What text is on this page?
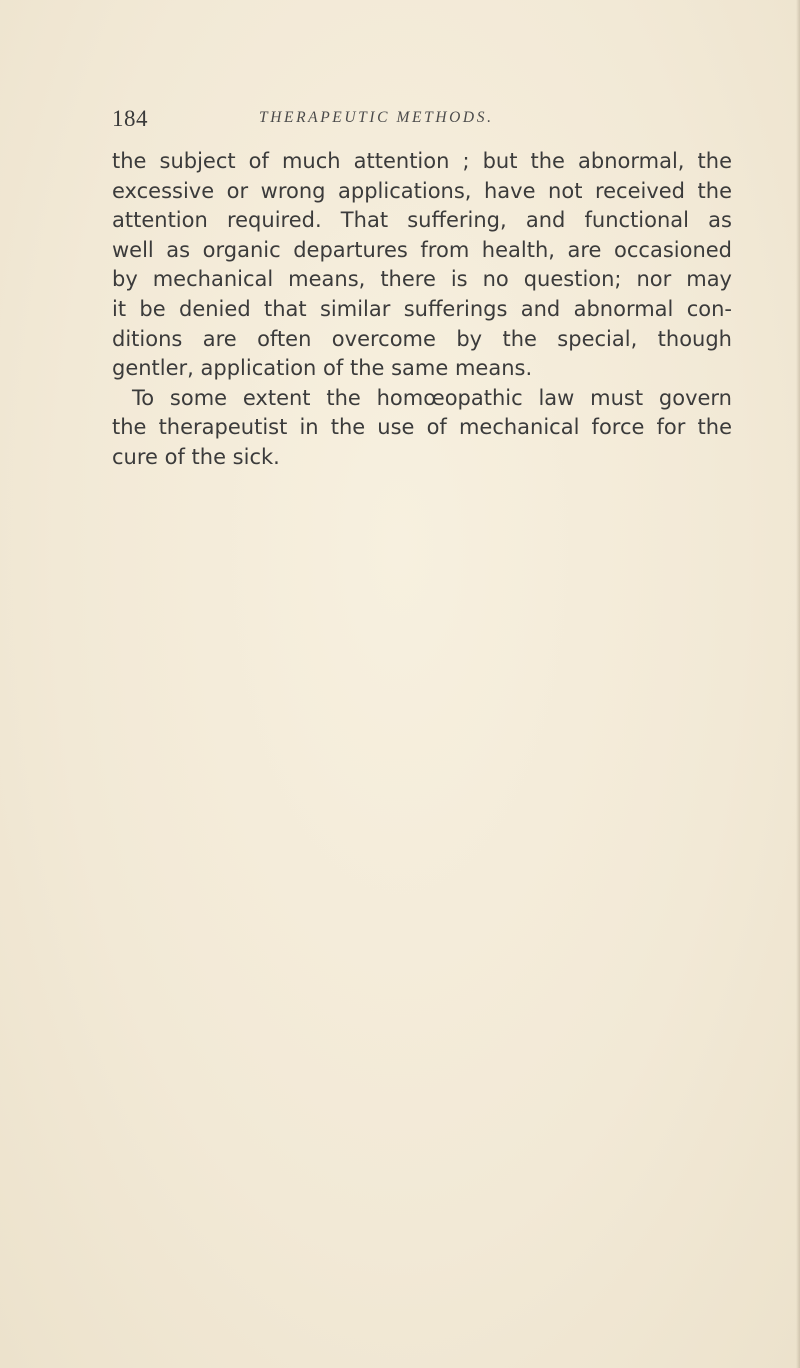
184	THERAPEUTIC METHODS.
the subject of much attention ; but the abnormal, the
excessive or wrong applications, have not received the
attention required. That suffering, and functional as
well as organic departures from health, are occasioned
by mechanical means, there is no question; nor may
it be denied that similar sufferings and abnormal con-
ditions are often overcome by the special, though
gentler, application of the same means.
To some extent the homœopathic law must govern
the therapeutist in the use of mechanical force for the
cure of the sick.
